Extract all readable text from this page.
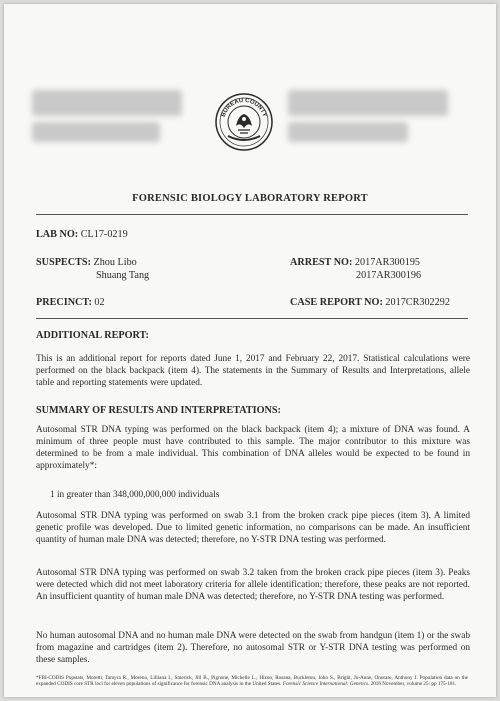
BUREAU COUNTY
FORENSIC BIOLOGY LABORATORY REPORT
LAB NO: CL17-0219
SUSPECTS: Zhou Libo
Shuang Tang
ARREST NO: 2017AR300195
2017AR300196
PRECINCT: 02	CASE REPORT NO: 2017CR302292
ADDITIONAL REPORT:
This is an additional report for reports dated June 1, 2017 and February 22, 2017. Statistical calculations were performed on the black backpack (item 4). The statements in the Summary of Results and Interpretations, allele table and reporting statements were updated.
SUMMARY OF RESULTS AND INTERPRETATIONS:
Autosomal STR DNA typing was performed on the black backpack (item 4); a mixture of DNA was found. A minimum of three people must have contributed to this sample. The major contributor to this mixture was determined to be from a male individual. This combination of DNA alleles would be expected to be found in approximately*:
1 in greater than 348,000,000,000 individuals
Autosomal STR DNA typing was performed on swab 3.1 from the broken crack pipe pieces (item 3). A limited genetic profile was developed. Due to limited genetic information, no comparisons can be made. An insufficient quantity of human male DNA was detected; therefore, no Y-STR DNA testing was performed.
Autosomal STR DNA typing was performed on swab 3.2 taken from the broken crack pipe pieces (item 3). Peaks were detected which did not meet laboratory criteria for allele identification; therefore, these peaks are not reported. An insufficient quantity of human male DNA was detected; therefore, no Y-STR DNA testing was performed.
No human autosomal DNA and no human male DNA were detected on the swab from handgun (item 1) or the swab from magazine and cartridges (item 2). Therefore, no autosomal STR or Y-STR DNA testing was performed on these samples.
*FBI-CODIS Popstats, Moretti, Tamyra R., Moreno, Lilliana I., Smerick, Jill B., Pignone, Michelle L., Hizon, Rosana, Buckleton, John S., Bright, Jo-Anne, Onorato, Anthony J. Population data on the expanded CODIS core STR loci for eleven populations of significance for forensic DNA analysis in the United States. Forensic Science International: Genetics. 2016 November, volume 25: pp 175-181.
